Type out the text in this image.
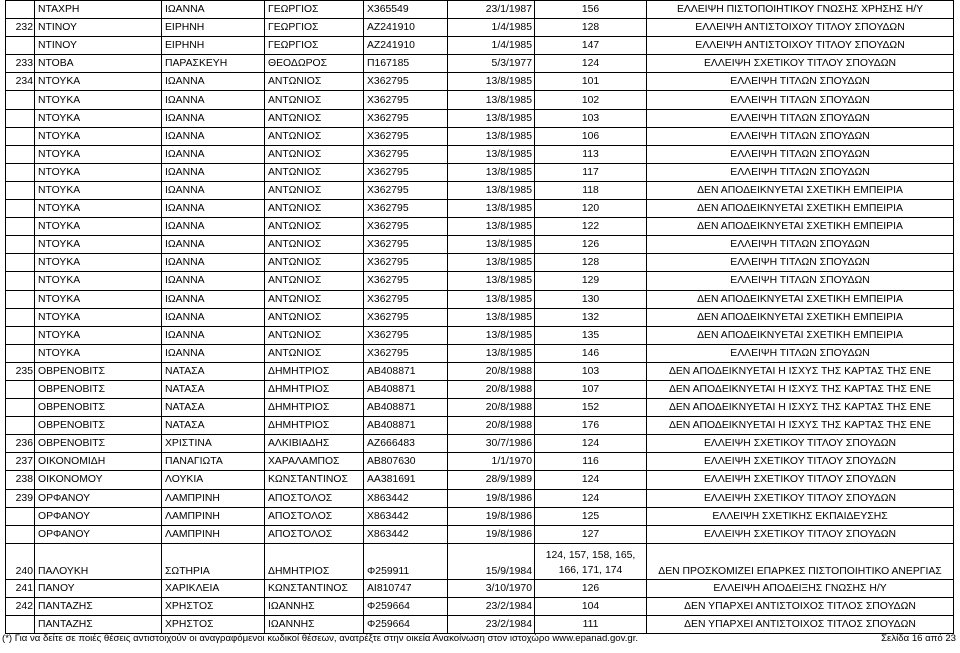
	ΝΤΑΧΡΗ	ΙΩΑΝΝΑ	ΓΕΩΡΓΙΟΣ	Χ365549	23/1/1987	156	ΕΛΛΕΙΨΗ ΠΙΣΤΟΠΟΙΗΤΙΚΟΥ ΓΝΩΣΗΣ ΧΡΗΣΗΣ Η/Υ
232	ΝΤΙΝΟΥ	ΕΙΡΗΝΗ	ΓΕΩΡΓΙΟΣ	ΑΖ241910	1/4/1985	128	ΕΛΛΕΙΨΗ ΑΝΤΙΣΤΟΙΧΟΥ ΤΙΤΛΟΥ ΣΠΟΥΔΩΝ
	ΝΤΙΝΟΥ	ΕΙΡΗΝΗ	ΓΕΩΡΓΙΟΣ	ΑΖ241910	1/4/1985	147	ΕΛΛΕΙΨΗ ΑΝΤΙΣΤΟΙΧΟΥ ΤΙΤΛΟΥ ΣΠΟΥΔΩΝ
233	ΝΤΟΒΑ	ΠΑΡΑΣΚΕΥΗ	ΘΕΟΔΩΡΟΣ	Π167185	5/3/1977	124	ΕΛΛΕΙΨΗ ΣΧΕΤΙΚΟΥ ΤΙΤΛΟΥ ΣΠΟΥΔΩΝ
234	ΝΤΟΥΚΑ	ΙΩΑΝΝΑ	ΑΝΤΩΝΙΟΣ	Χ362795	13/8/1985	101	ΕΛΛΕΙΨΗ ΤΙΤΛΩΝ ΣΠΟΥΔΩΝ
	ΝΤΟΥΚΑ	ΙΩΑΝΝΑ	ΑΝΤΩΝΙΟΣ	Χ362795	13/8/1985	102	ΕΛΛΕΙΨΗ ΤΙΤΛΩΝ ΣΠΟΥΔΩΝ
	ΝΤΟΥΚΑ	ΙΩΑΝΝΑ	ΑΝΤΩΝΙΟΣ	Χ362795	13/8/1985	103	ΕΛΛΕΙΨΗ ΤΙΤΛΩΝ ΣΠΟΥΔΩΝ
	ΝΤΟΥΚΑ	ΙΩΑΝΝΑ	ΑΝΤΩΝΙΟΣ	Χ362795	13/8/1985	106	ΕΛΛΕΙΨΗ ΤΙΤΛΩΝ ΣΠΟΥΔΩΝ
	ΝΤΟΥΚΑ	ΙΩΑΝΝΑ	ΑΝΤΩΝΙΟΣ	Χ362795	13/8/1985	113	ΕΛΛΕΙΨΗ ΤΙΤΛΩΝ ΣΠΟΥΔΩΝ
	ΝΤΟΥΚΑ	ΙΩΑΝΝΑ	ΑΝΤΩΝΙΟΣ	Χ362795	13/8/1985	117	ΕΛΛΕΙΨΗ ΤΙΤΛΩΝ ΣΠΟΥΔΩΝ
	ΝΤΟΥΚΑ	ΙΩΑΝΝΑ	ΑΝΤΩΝΙΟΣ	Χ362795	13/8/1985	118	ΔΕΝ ΑΠΟΔΕΙΚΝΥΕΤΑΙ ΣΧΕΤΙΚΗ ΕΜΠΕΙΡΙΑ
	ΝΤΟΥΚΑ	ΙΩΑΝΝΑ	ΑΝΤΩΝΙΟΣ	Χ362795	13/8/1985	120	ΔΕΝ ΑΠΟΔΕΙΚΝΥΕΤΑΙ ΣΧΕΤΙΚΗ ΕΜΠΕΙΡΙΑ
	ΝΤΟΥΚΑ	ΙΩΑΝΝΑ	ΑΝΤΩΝΙΟΣ	Χ362795	13/8/1985	122	ΔΕΝ ΑΠΟΔΕΙΚΝΥΕΤΑΙ ΣΧΕΤΙΚΗ ΕΜΠΕΙΡΙΑ
	ΝΤΟΥΚΑ	ΙΩΑΝΝΑ	ΑΝΤΩΝΙΟΣ	Χ362795	13/8/1985	126	ΕΛΛΕΙΨΗ ΤΙΤΛΩΝ ΣΠΟΥΔΩΝ
	ΝΤΟΥΚΑ	ΙΩΑΝΝΑ	ΑΝΤΩΝΙΟΣ	Χ362795	13/8/1985	128	ΕΛΛΕΙΨΗ ΤΙΤΛΩΝ ΣΠΟΥΔΩΝ
	ΝΤΟΥΚΑ	ΙΩΑΝΝΑ	ΑΝΤΩΝΙΟΣ	Χ362795	13/8/1985	129	ΕΛΛΕΙΨΗ ΤΙΤΛΩΝ ΣΠΟΥΔΩΝ
	ΝΤΟΥΚΑ	ΙΩΑΝΝΑ	ΑΝΤΩΝΙΟΣ	Χ362795	13/8/1985	130	ΔΕΝ ΑΠΟΔΕΙΚΝΥΕΤΑΙ ΣΧΕΤΙΚΗ ΕΜΠΕΙΡΙΑ
	ΝΤΟΥΚΑ	ΙΩΑΝΝΑ	ΑΝΤΩΝΙΟΣ	Χ362795	13/8/1985	132	ΔΕΝ ΑΠΟΔΕΙΚΝΥΕΤΑΙ ΣΧΕΤΙΚΗ ΕΜΠΕΙΡΙΑ
	ΝΤΟΥΚΑ	ΙΩΑΝΝΑ	ΑΝΤΩΝΙΟΣ	Χ362795	13/8/1985	135	ΔΕΝ ΑΠΟΔΕΙΚΝΥΕΤΑΙ ΣΧΕΤΙΚΗ ΕΜΠΕΙΡΙΑ
	ΝΤΟΥΚΑ	ΙΩΑΝΝΑ	ΑΝΤΩΝΙΟΣ	Χ362795	13/8/1985	146	ΕΛΛΕΙΨΗ ΤΙΤΛΩΝ ΣΠΟΥΔΩΝ
235	ΟΒΡΕΝΟΒΙΤΣ	ΝΑΤΑΣΑ	ΔΗΜΗΤΡΙΟΣ	ΑΒ408871	20/8/1988	103	ΔΕΝ ΑΠΟΔΕΙΚΝΥΕΤΑΙ Η ΙΣΧΥΣ ΤΗΣ ΚΑΡΤΑΣ ΤΗΣ ΕΝΕ
	ΟΒΡΕΝΟΒΙΤΣ	ΝΑΤΑΣΑ	ΔΗΜΗΤΡΙΟΣ	ΑΒ408871	20/8/1988	107	ΔΕΝ ΑΠΟΔΕΙΚΝΥΕΤΑΙ Η ΙΣΧΥΣ ΤΗΣ ΚΑΡΤΑΣ ΤΗΣ ΕΝΕ
	ΟΒΡΕΝΟΒΙΤΣ	ΝΑΤΑΣΑ	ΔΗΜΗΤΡΙΟΣ	ΑΒ408871	20/8/1988	152	ΔΕΝ ΑΠΟΔΕΙΚΝΥΕΤΑΙ Η ΙΣΧΥΣ ΤΗΣ ΚΑΡΤΑΣ ΤΗΣ ΕΝΕ
	ΟΒΡΕΝΟΒΙΤΣ	ΝΑΤΑΣΑ	ΔΗΜΗΤΡΙΟΣ	ΑΒ408871	20/8/1988	176	ΔΕΝ ΑΠΟΔΕΙΚΝΥΕΤΑΙ Η ΙΣΧΥΣ ΤΗΣ ΚΑΡΤΑΣ ΤΗΣ ΕΝΕ
236	ΟΒΡΕΝΟΒΙΤΣ	ΧΡΙΣΤΙΝΑ	ΑΛΚΙΒΙΑΔΗΣ	ΑΖ666483	30/7/1986	124	ΕΛΛΕΙΨΗ ΣΧΕΤΙΚΟΥ ΤΙΤΛΟΥ ΣΠΟΥΔΩΝ
237	ΟΙΚΟΝΟΜΙΔΗ	ΠΑΝΑΓΙΩΤΑ	ΧΑΡΑΛΑΜΠΟΣ	ΑΒ807630	1/1/1970	116	ΕΛΛΕΙΨΗ ΣΧΕΤΙΚΟΥ ΤΙΤΛΟΥ ΣΠΟΥΔΩΝ
238	ΟΙΚΟΝΟΜΟΥ	ΛΟΥΚΙΑ	ΚΩΝΣΤΑΝΤΙΝΟΣ	ΑΑ381691	28/9/1989	124	ΕΛΛΕΙΨΗ ΣΧΕΤΙΚΟΥ ΤΙΤΛΟΥ ΣΠΟΥΔΩΝ
239	ΟΡΦΑΝΟΥ	ΛΑΜΠΡΙΝΗ	ΑΠΟΣΤΟΛΟΣ	Χ863442	19/8/1986	124	ΕΛΛΕΙΨΗ ΣΧΕΤΙΚΟΥ ΤΙΤΛΟΥ ΣΠΟΥΔΩΝ
	ΟΡΦΑΝΟΥ	ΛΑΜΠΡΙΝΗ	ΑΠΟΣΤΟΛΟΣ	Χ863442	19/8/1986	125	ΕΛΛΕΙΨΗ ΣΧΕΤΙΚΗΣ ΕΚΠΑΙΔΕΥΣΗΣ
	ΟΡΦΑΝΟΥ	ΛΑΜΠΡΙΝΗ	ΑΠΟΣΤΟΛΟΣ	Χ863442	19/8/1986	127	ΕΛΛΕΙΨΗ ΣΧΕΤΙΚΟΥ ΤΙΤΛΟΥ ΣΠΟΥΔΩΝ
240	ΠΑΛΟΥΚΗ	ΣΩΤΗΡΙΑ	ΔΗΜΗΤΡΙΟΣ	Φ259911	15/9/1984	124, 157, 158, 165, 166, 171, 174	ΔΕΝ ΠΡΟΣΚΟΜΙΖΕΙ ΕΠΑΡΚΕΣ ΠΙΣΤΟΠΟΙΗΤΙΚΟ ΑΝΕΡΓΙΑΣ
241	ΠΑΝΟΥ	ΧΑΡΙΚΛΕΙΑ	ΚΩΝΣΤΑΝΤΙΝΟΣ	ΑΙ810747	3/10/1970	126	ΕΛΛΕΙΨΗ ΑΠΟΔΕΙΞΗΣ ΓΝΩΣΗΣ Η/Υ
242	ΠΑΝΤΑΖΗΣ	ΧΡΗΣΤΟΣ	ΙΩΑΝΝΗΣ	Φ259664	23/2/1984	104	ΔΕΝ ΥΠΑΡΧΕΙ ΑΝΤΙΣΤΟΙΧΟΣ ΤΙΤΛΟΣ ΣΠΟΥΔΩΝ
	ΠΑΝΤΑΖΗΣ	ΧΡΗΣΤΟΣ	ΙΩΑΝΝΗΣ	Φ259664	23/2/1984	111	ΔΕΝ ΥΠΑΡΧΕΙ ΑΝΤΙΣΤΟΙΧΟΣ ΤΙΤΛΟΣ ΣΠΟΥΔΩΝ
(*) Για να δείτε σε ποιές θέσεις αντιστοιχούν οι αναγραφόμενοι κωδικοί θέσεων, ανατρέξτε στην οικεία Ανακοίνωση στον ιστοχώρο www.epanad.gov.gr.	Σελίδα 16 από 23
